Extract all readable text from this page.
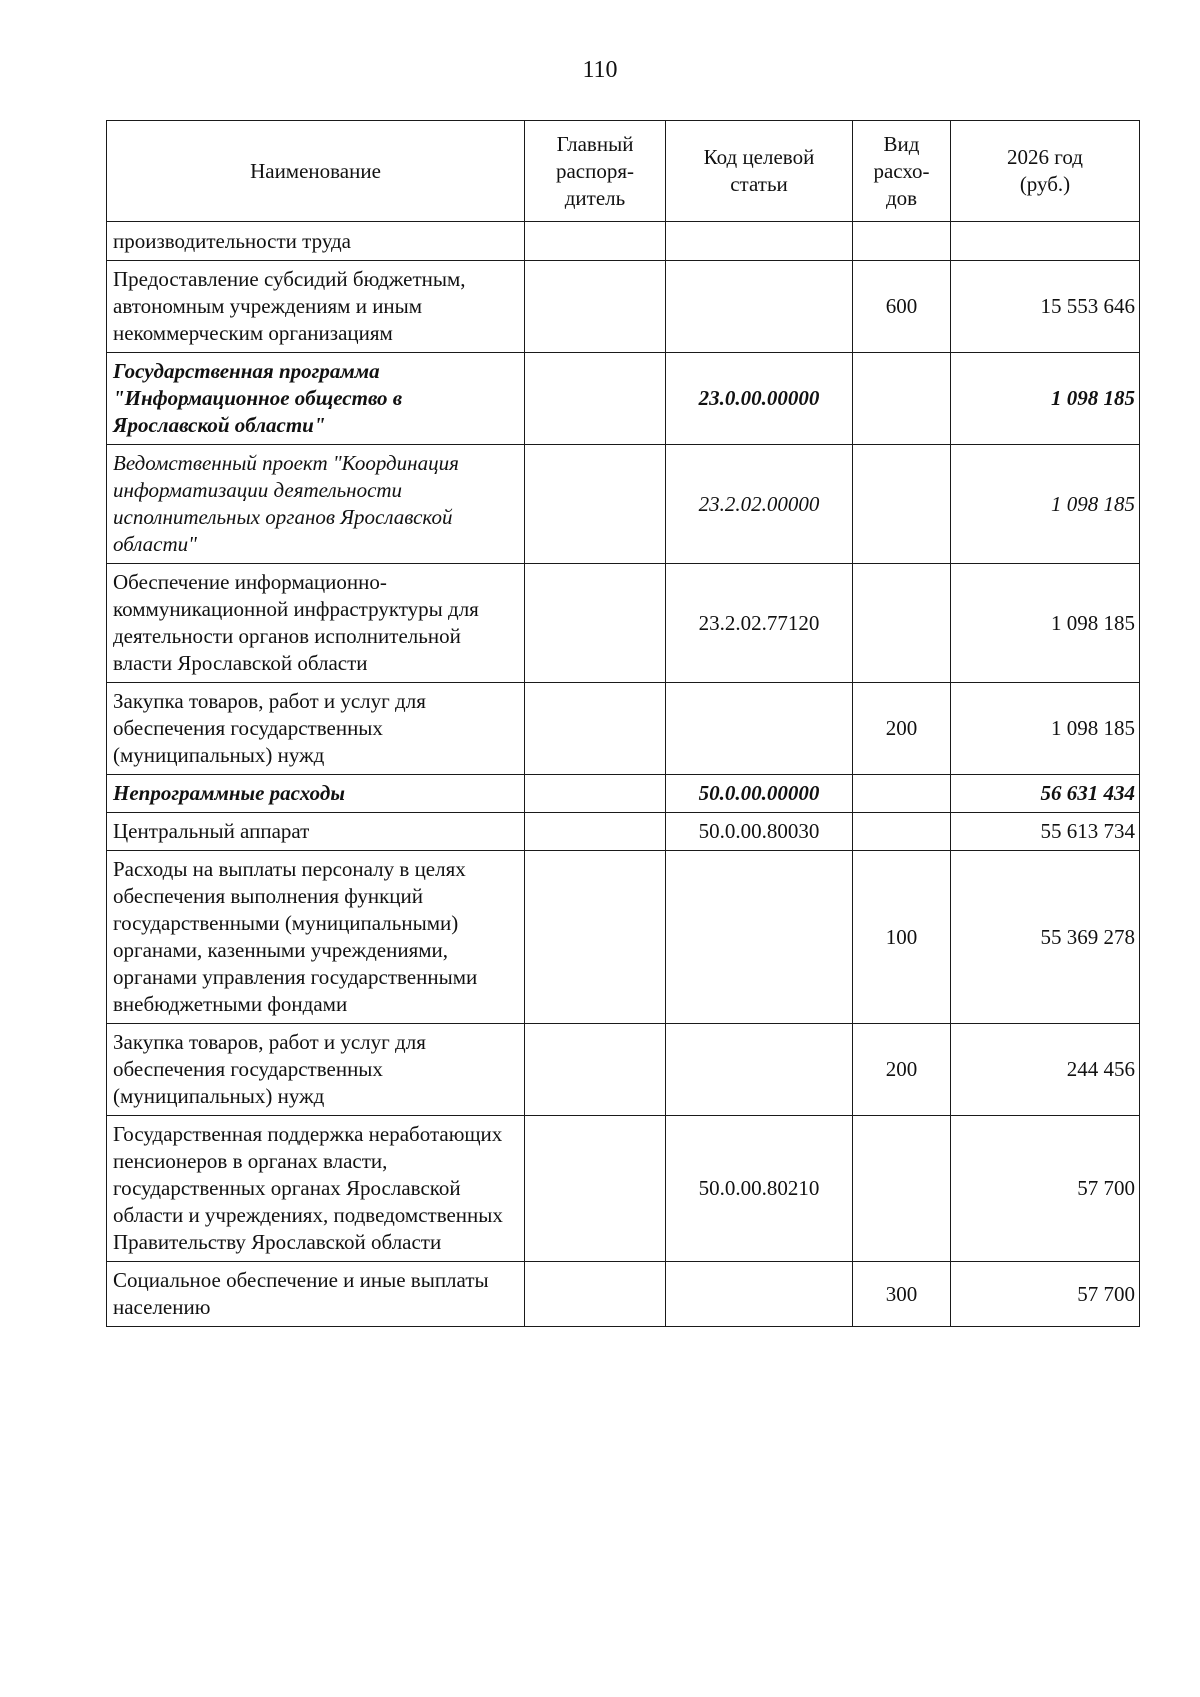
110
Наименование	Главный распоря-дитель	Код целевой статьи	Вид расхо-дов	2026 год (руб.)
производительности труда				
Предоставление субсидий бюджетным, автономным учреждениям и иным некоммерческим организациям			600	15 553 646
Государственная программа "Информационное общество в Ярославской области"		23.0.00.00000		1 098 185
Ведомственный проект "Координация информатизации деятельности исполнительных органов Ярославской области"		23.2.02.00000		1 098 185
Обеспечение информационно-коммуникационной инфраструктуры для деятельности органов исполнительной власти Ярославской области		23.2.02.77120		1 098 185
Закупка товаров, работ и услуг для обеспечения государственных (муниципальных) нужд			200	1 098 185
Непрограммные расходы		50.0.00.00000		56 631 434
Центральный аппарат		50.0.00.80030		55 613 734
Расходы на выплаты персоналу в целях обеспечения выполнения функций государственными (муниципальными) органами, казенными учреждениями, органами управления государственными внебюджетными фондами			100	55 369 278
Закупка товаров, работ и услуг для обеспечения государственных (муниципальных) нужд			200	244 456
Государственная поддержка неработающих пенсионеров в органах власти, государственных органах Ярославской области и учреждениях, подведомственных Правительству Ярославской области		50.0.00.80210		57 700
Социальное обеспечение и иные выплаты населению			300	57 700
